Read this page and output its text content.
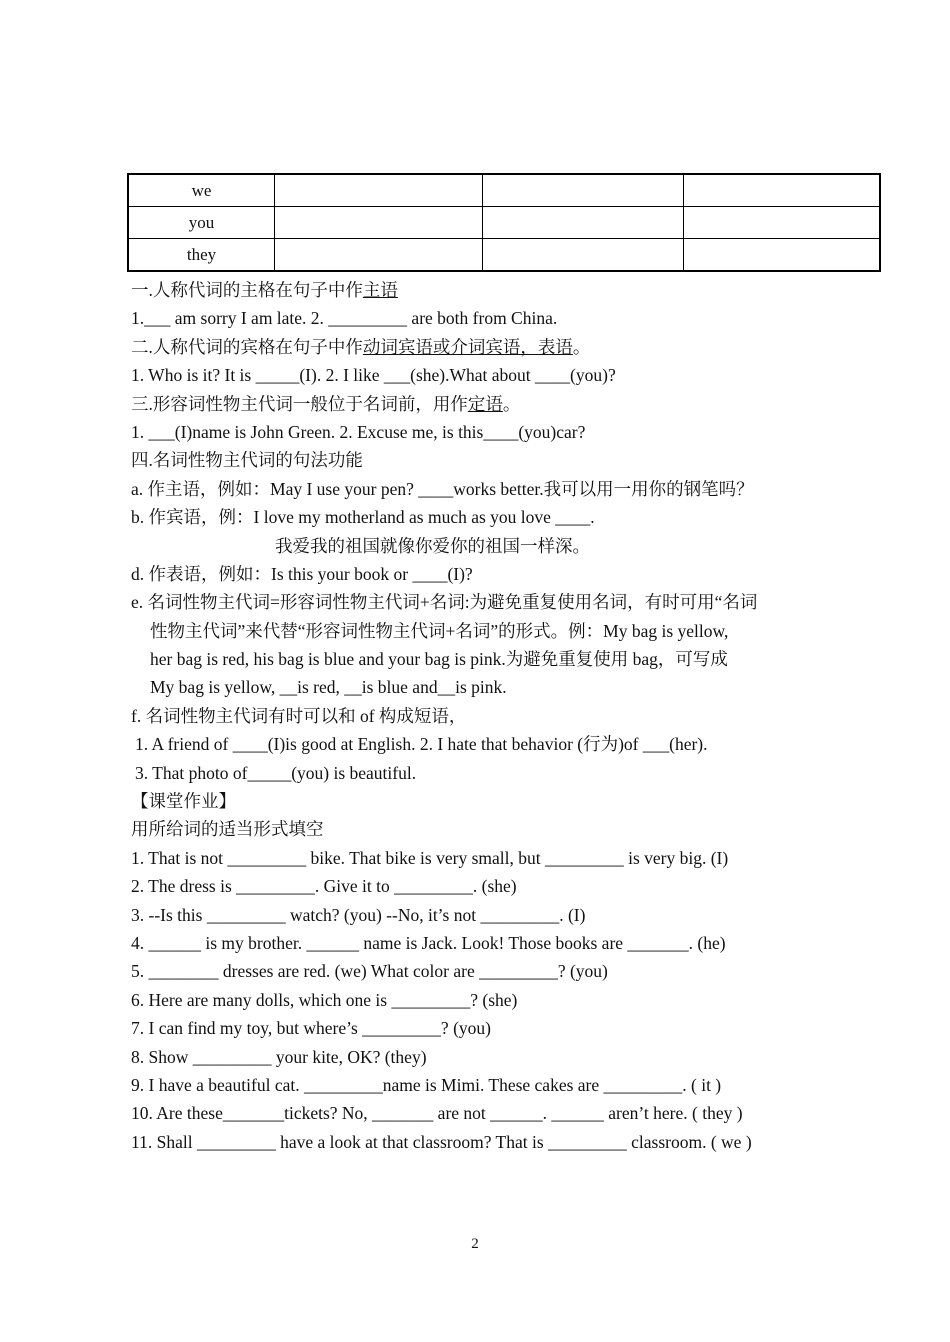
we			
you			
they			
一.人称代词的主格在句子中作主语
1.___ am sorry I am late. 2. _________ are both from China.
二.人称代词的宾格在句子中作动词宾语或介词宾语，表语。
1. Who is it? It is _____(I). 2. I like ___(she).What about ____(you)?
三.形容词性物主代词一般位于名词前，用作定语。
1. ___(I)name is John Green. 2. Excuse me, is this____(you)car?
四.名词性物主代词的句法功能
a. 作主语，例如：May I use your pen? ____works better.我可以用一用你的钢笔吗？
b. 作宾语，例：I love my motherland as much as you love ____.
我爱我的祖国就像你爱你的祖国一样深。
d. 作表语，例如：Is this your book or ____(I)?
e. 名词性物主代词=形容词性物主代词+名词:为避免重复使用名词，有时可用“名词
性物主代词”来代替“形容词性物主代词+名词”的形式。例：My bag is yellow,
her bag is red, his bag is blue and your bag is pink.为避免重复使用 bag，可写成
My bag is yellow, __is red, __is blue and__is pink.
f. 名词性物主代词有时可以和 of 构成短语，
1. A friend of ____(I)is good at English. 2. I hate that behavior (行为)of ___(her).
3. That photo of_____(you) is beautiful.
【课堂作业】
用所给词的适当形式填空
1. That is not _________ bike. That bike is very small, but _________ is very big. (I)
2. The dress is _________. Give it to _________. (she)
3. --Is this _________ watch? (you) --No, it’s not _________. (I)
4. ______ is my brother. ______ name is Jack. Look! Those books are _______. (he)
5. ________ dresses are red. (we) What color are _________? (you)
6. Here are many dolls, which one is _________? (she)
7. I can find my toy, but where’s _________? (you)
8. Show _________ your kite, OK? (they)
9. I have a beautiful cat. _________name is Mimi. These cakes are _________. ( it )
10. Are these_______tickets? No, _______ are not ______. ______ aren’t here. ( they )
11. Shall _________ have a look at that classroom? That is _________ classroom. ( we )
2
